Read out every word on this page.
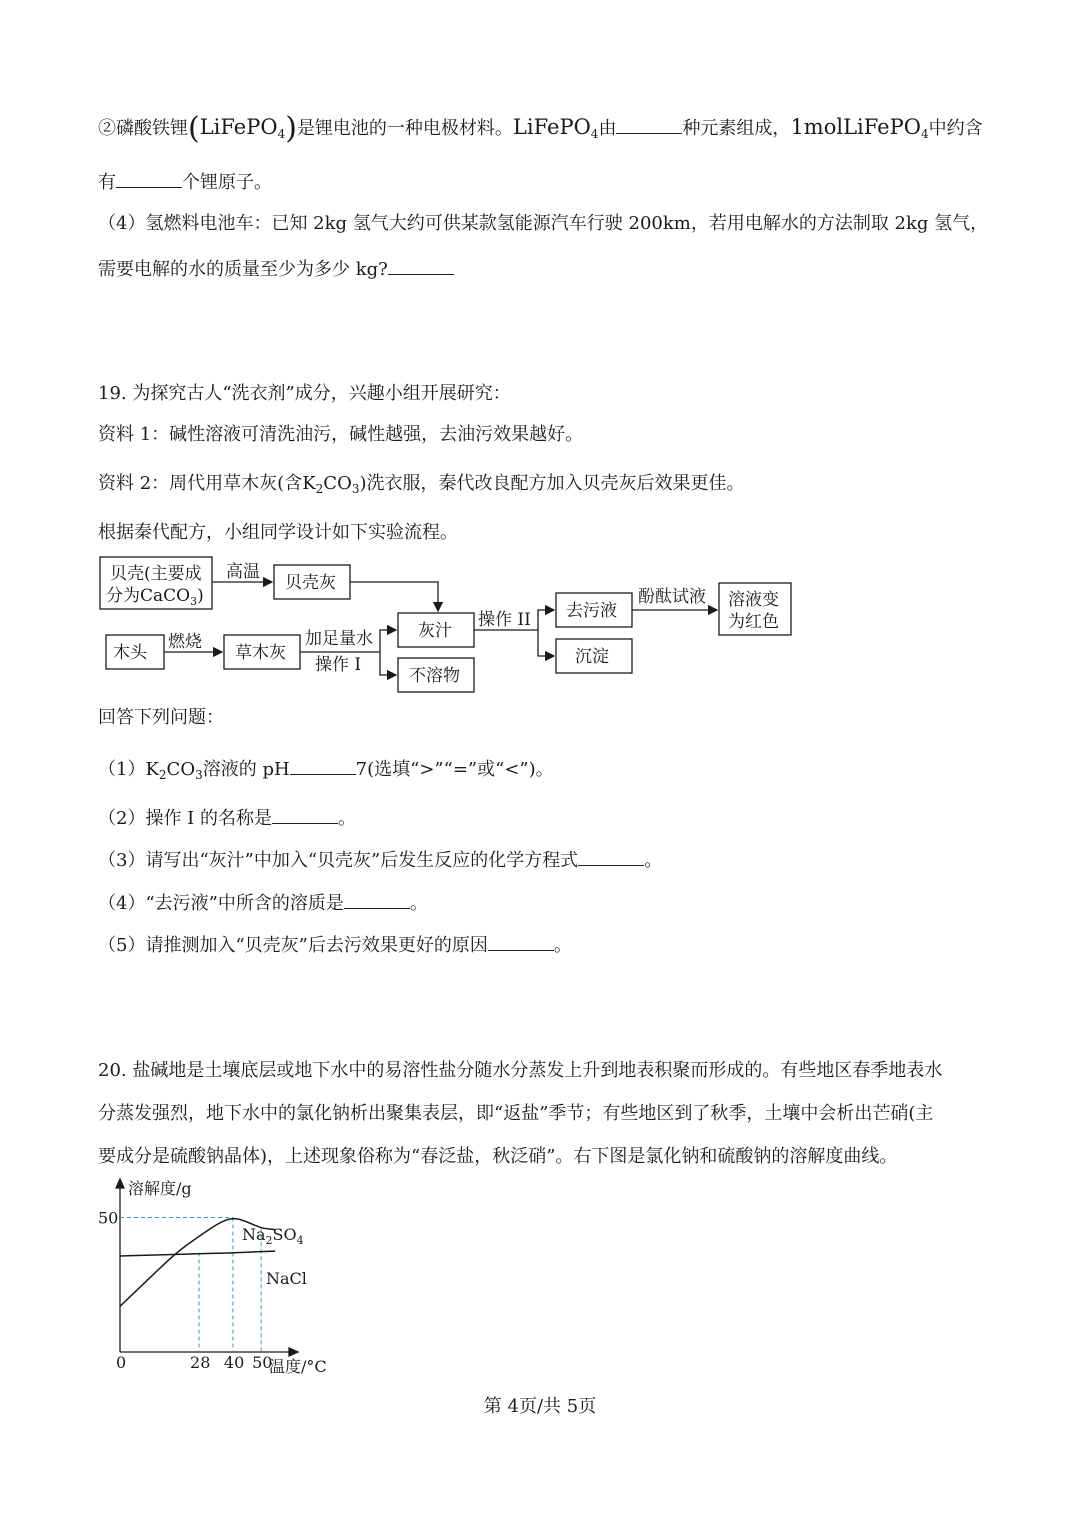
②磷酸铁锂(LiFePO$_4$)是锂电池的一种电极材料。LiFePO$_4$由	种元素组成，1molLiFePO$_4$中约含
有	个锂原子。
（4）氢燃料电池车：已知 2kg 氢气大约可供某款氢能源汽车行驶 200km，若用电解水的方法制取 2kg 氢气，
需要电解的水的质量至少为多少 kg?
19. 为探究古人“洗衣剂”成分，兴趣小组开展研究：
资料 1：碱性溶液可清洗油污，碱性越强，去油污效果越好。
资料 2：周代用草木灰(含$K_2CO_3$)洗衣服，秦代改良配方加入贝壳灰后效果更佳。
根据秦代配方，小组同学设计如下实验流程。
贝壳(主要成
分为CaCO$_3$)
高温
贝壳灰
木头
燃烧
草木灰
加足量水
操作 I
灰汁
不溶物
操作 II 去污液
沉淀
酚酞试液 溶液变
为红色
回答下列问题：
$(1)K_2CO_3$溶液的 pH	7(选填“>”“=”或“<”)。
（2）操作 I 的名称是	。
（3）请写出“灰汁”中加入“贝壳灰”后发生反应的化学方程式	。
（4）“去污液”中所含的溶质是	。
（5）请推测加入“贝壳灰”后去污效果更好的原因	。
20. 盐碱地是土壤底层或地下水中的易溶性盐分随水分蒸发上升到地表积聚而形成的。有些地区春季地表水
分蒸发强烈，地下水中的氯化钠析出聚集表层，即“返盐”季节；有些地区到了秋季，土壤中会析出芒硝(主
要成分是硫酸钠晶体)，上述现象俗称为“春泛盐，秋泛硝”。右下图是氯化钠和硫酸钠的溶解度曲线。
溶解度/g
温度/°C
$Na_2SO_4$
NaCl
0	28 40 50
50
第 4页/共 5页
